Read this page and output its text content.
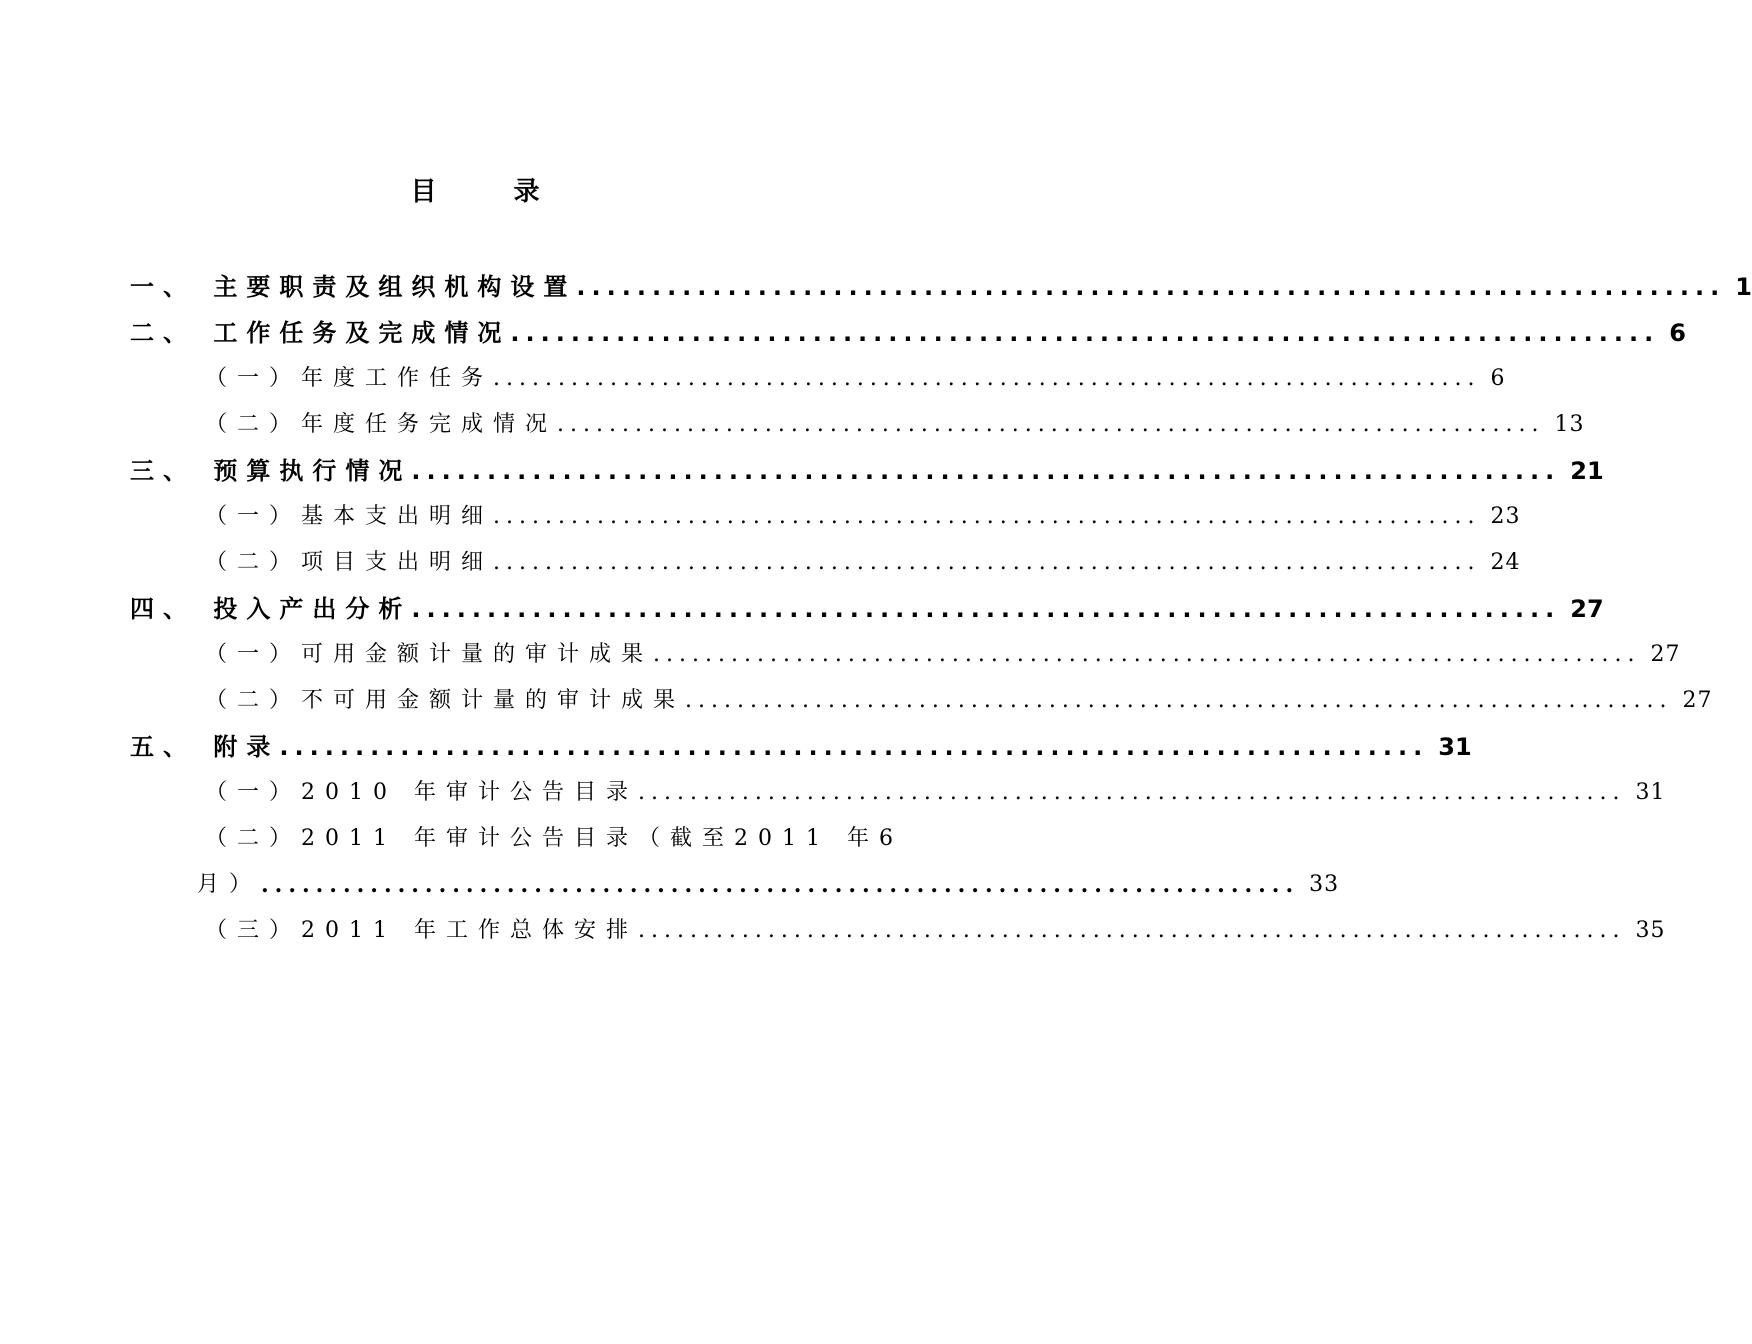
目 录
一、 主要职责及组织机构设置 ............................................................................ 1
二、 工作任务及完成情况 ............................................................................ 6
（一）年度工作任务 ............................................................................ 6
（二）年度任务完成情况 ............................................................................ 13
三、 预算执行情况 ............................................................................ 21
（一）基本支出明细 ............................................................................ 23
（二）项目支出明细 ............................................................................ 24
四、 投入产出分析 ............................................................................ 27
（一）可用金额计量的审计成果 ............................................................................ 27
（二）不可用金额计量的审计成果 ............................................................................ 27
五、 附录 ............................................................................ 31
（一）2010 年审计公告目录 ............................................................................ 31
（二）2011 年审计公告目录（截至2011 年6
月） ............................................................................ 33
（三）2011 年工作总体安排 ............................................................................ 35
